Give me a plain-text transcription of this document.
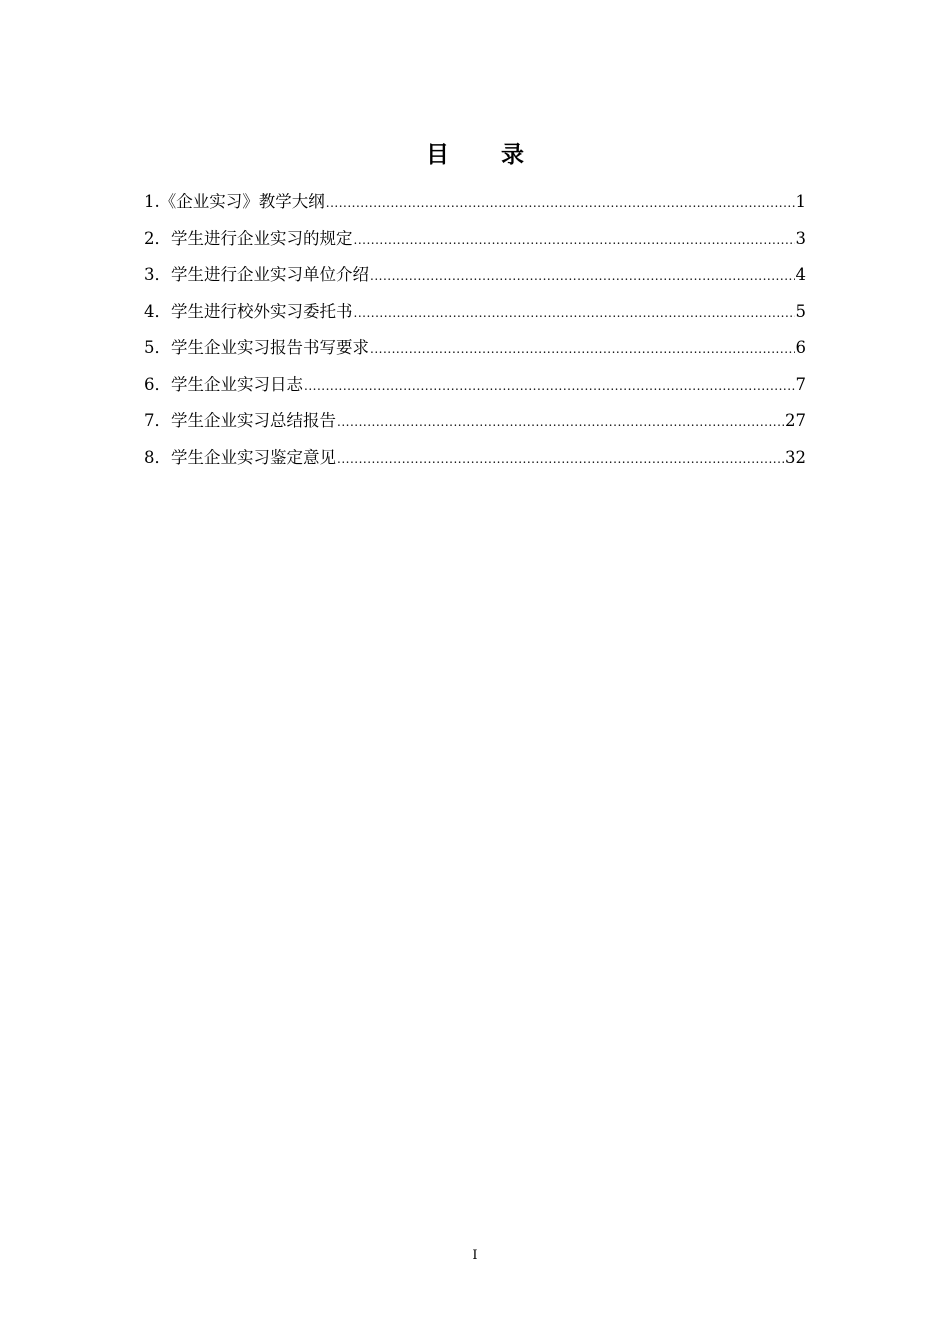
目 录
1.《企业实习》教学大纲 .....	1
2．学生进行企业实习的规定 .....	3
3．学生进行企业实习单位介绍 .....	4
4．学生进行校外实习委托书 .....	5
5．学生企业实习报告书写要求 .....	6
6．学生企业实习日志 .....	7
7．学生企业实习总结报告 .....	27
8．学生企业实习鉴定意见 .....	32
I
